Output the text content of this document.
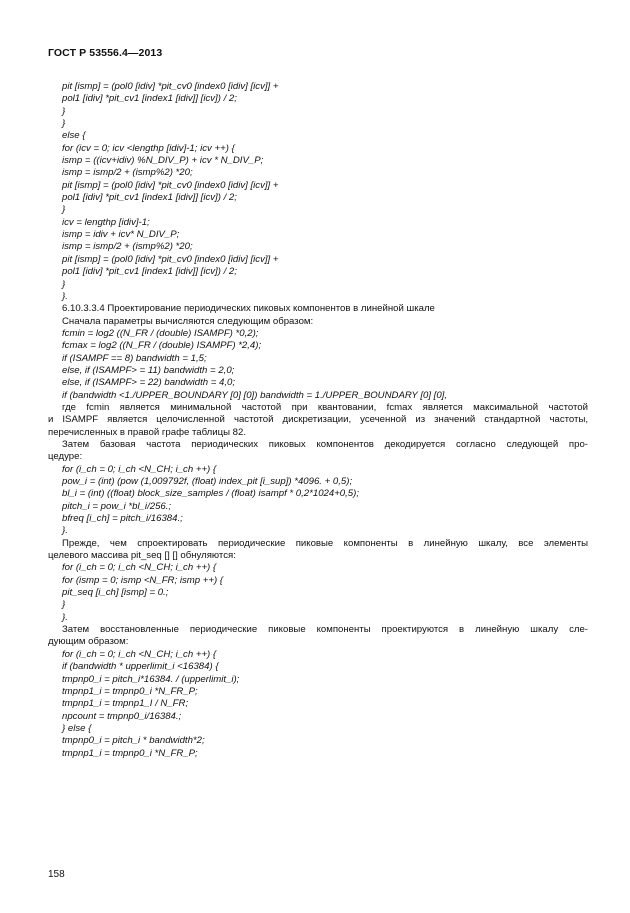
ГОСТ Р 53556.4—2013
pit [ismp] = (pol0 [idiv] *pit_cv0 [index0 [idiv] [icv]] +
pol1 [idiv] *pit_cv1 [index1 [idiv]] [icv]) / 2;
}
}
else {
for (icv = 0; icv <lengthp [idiv]-1; icv ++) {
ismp = ((icv+idiv) %N_DIV_P) + icv * N_DIV_P;
ismp = ismp/2 + (ismp%2) *20;
pit [ismp] = (pol0 [idiv] *pit_cv0 [index0 [idiv] [icv]] +
pol1 [idiv] *pit_cv1 [index1 [idiv]] [icv]) / 2;
}
icv = lengthp [idiv]-1;
ismp = idiv + icv* N_DIV_P;
ismp = ismp/2 + (ismp%2) *20;
pit [ismp] = (pol0 [idiv] *pit_cv0 [index0 [idiv] [icv]] +
pol1 [idiv] *pit_cv1 [index1 [idiv]] [icv]) / 2;
}
}.
6.10.3.3.4 Проектирование периодических пиковых компонентов в линейной шкале
Сначала параметры вычисляются следующим образом:
fcmin = log2 ((N_FR / (double) ISAMPF) *0,2);
fcmax = log2 ((N_FR / (double) ISAMPF) *2,4);
if (ISAMPF == 8) bandwidth = 1,5;
else, if (ISAMPF> = 11) bandwidth = 2,0;
else, if (ISAMPF> = 22) bandwidth = 4,0;
if (bandwidth <1./UPPER_BOUNDARY [0] [0]) bandwidth = 1./UPPER_BOUNDARY [0] [0],
где fcmin является минимальной частотой при квантовании, fcmax является максимальной частотой
и ISAMPF является целочисленной частотой дискретизации, усеченной из значений стандартной частоты,
перечисленных в правой графе таблицы 82.
Затем базовая частота периодических пиковых компонентов декодируется согласно следующей про-
цедуре:
for (i_ch = 0; i_ch <N_CH; i_ch ++) {
pow_i = (int) (pow (1,009792f, (float) index_pit [i_sup]) *4096. + 0,5);
bl_i = (int) ((float) block_size_samples / (float) isampf * 0,2*1024+0,5);
pitch_i = pow_i *bl_i/256.;
bfreq [i_ch] = pitch_i/16384.;
}.
Прежде, чем спроектировать периодические пиковые компоненты в линейную шкалу, все элементы
целевого массива pit_seq [] [] обнуляются:
for (i_ch = 0; i_ch <N_CH; i_ch ++) {
for (ismp = 0; ismp <N_FR; ismp ++) {
pit_seq [i_ch] [ismp] = 0.;
}
}.
Затем восстановленные периодические пиковые компоненты проектируются в линейную шкалу сле-
дующим образом:
for (i_ch = 0; i_ch <N_CH; i_ch ++) {
if (bandwidth * upperlimit_i <16384) {
tmpnp0_i = pitch_i*16384. / (upperlimit_i);
tmpnp1_i = tmpnp0_i *N_FR_P;
tmpnp1_i = tmpnp1_I / N_FR;
npcount = tmpnp0_i/16384.;
} else {
tmpnp0_i = pitch_i * bandwidth*2;
tmpnp1_i = tmpnp0_i *N_FR_P;
158
